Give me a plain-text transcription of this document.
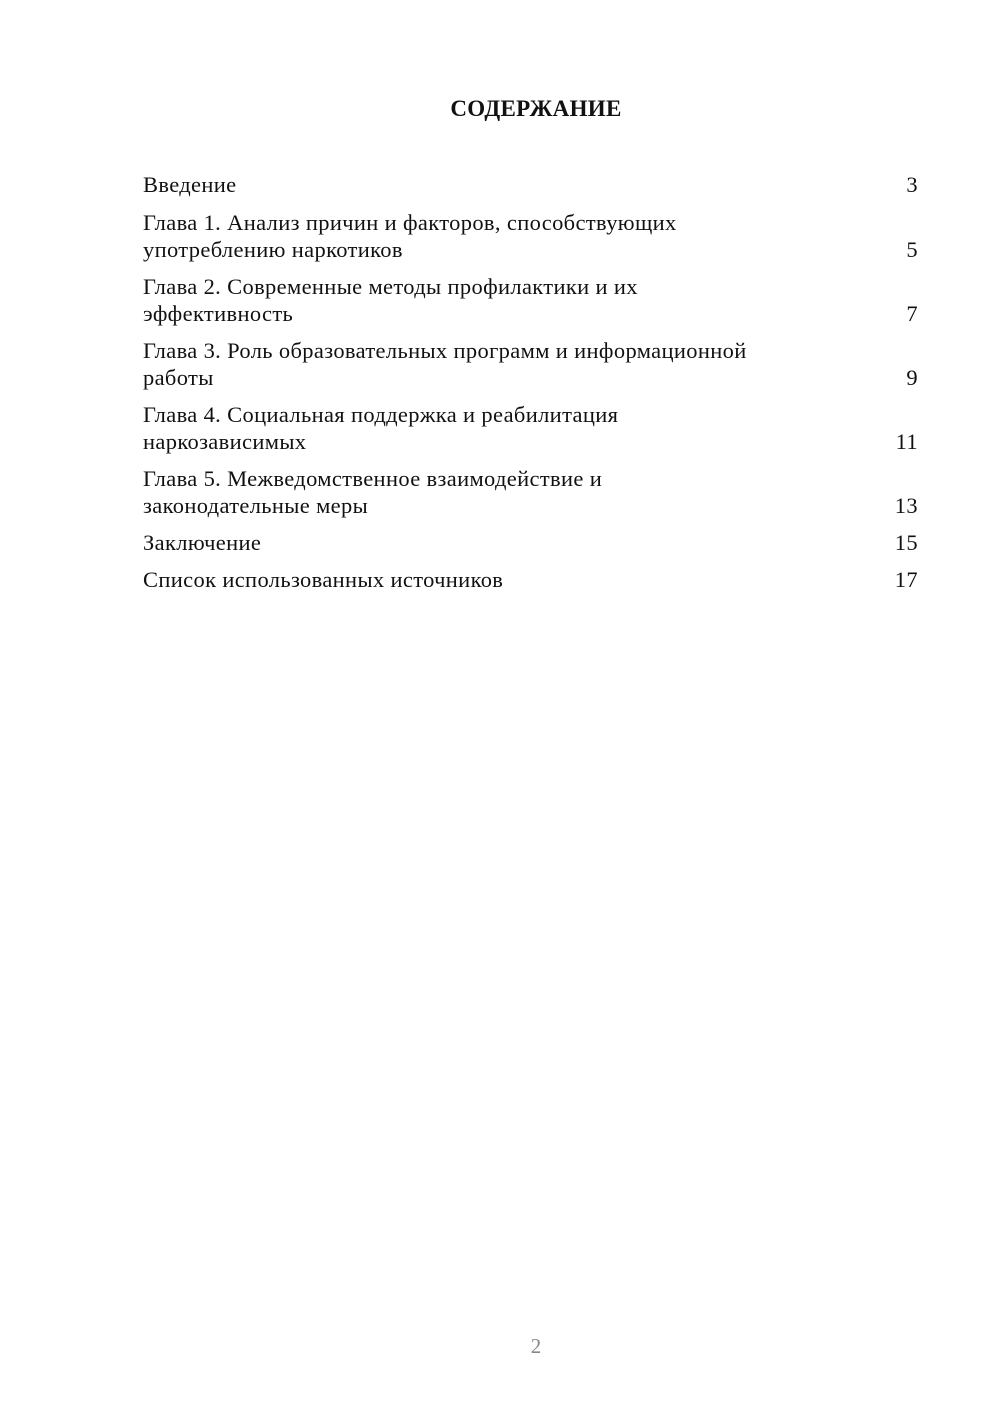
СОДЕРЖАНИЕ
Введение	3
Глава 1. Анализ причин и факторов, способствующих
употреблению наркотиков	5
Глава 2. Современные методы профилактики и их
эффективность	7
Глава 3. Роль образовательных программ и информационной
работы	9
Глава 4. Социальная поддержка и реабилитация
наркозависимых	11
Глава 5. Межведомственное взаимодействие и
законодательные меры	13
Заключение	15
Список использованных источников	17
2
